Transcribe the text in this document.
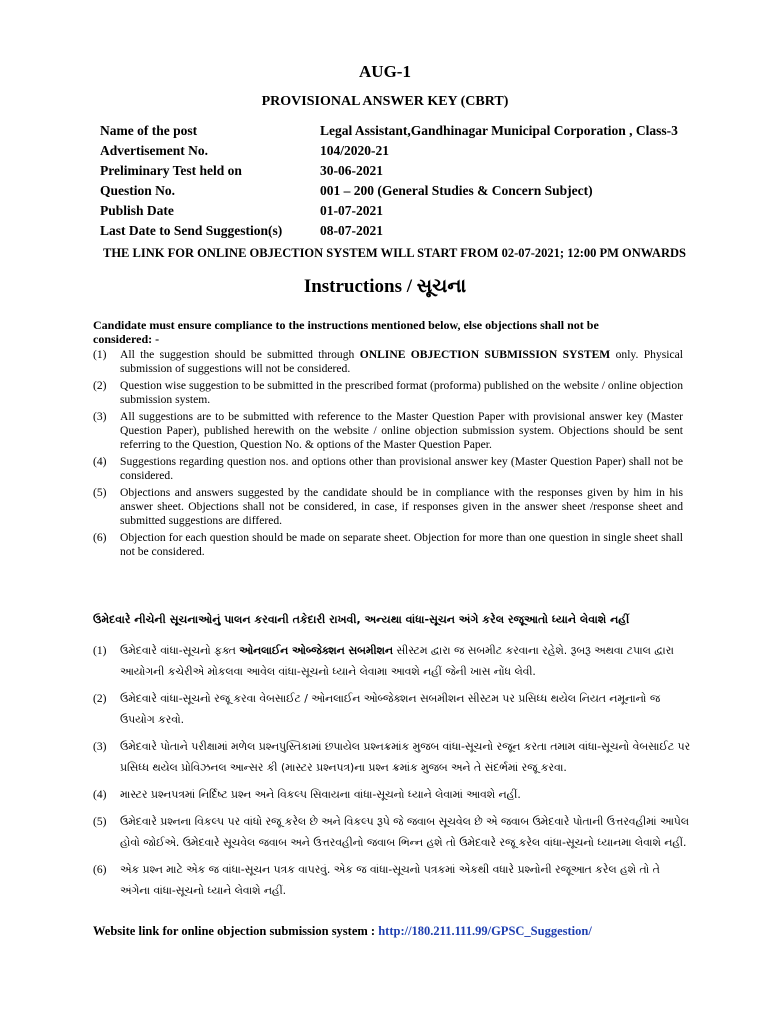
AUG-1
PROVISIONAL ANSWER KEY (CBRT)
Name of the post	Legal Assistant,Gandhinagar Municipal Corporation , Class-3
Advertisement No.	104/2020-21
Preliminary Test held on	30-06-2021
Question No.	001 – 200 (General Studies & Concern Subject)
Publish Date	01-07-2021
Last Date to Send Suggestion(s)	08-07-2021
THE LINK FOR ONLINE OBJECTION SYSTEM WILL START FROM 02-07-2021; 12:00 PM ONWARDS
Instructions / સૂચના
Candidate must ensure compliance to the instructions mentioned below, else objections shall not be considered: -
(1) All the suggestion should be submitted through ONLINE OBJECTION SUBMISSION SYSTEM only. Physical submission of suggestions will not be considered.
(2) Question wise suggestion to be submitted in the prescribed format (proforma) published on the website / online objection submission system.
(3) All suggestions are to be submitted with reference to the Master Question Paper with provisional answer key (Master Question Paper), published herewith on the website / online objection submission system. Objections should be sent referring to the Question, Question No. & options of the Master Question Paper.
(4) Suggestions regarding question nos. and options other than provisional answer key (Master Question Paper) shall not be considered.
(5) Objections and answers suggested by the candidate should be in compliance with the responses given by him in his answer sheet. Objections shall not be considered, in case, if responses given in the answer sheet /response sheet and submitted suggestions are differed.
(6) Objection for each question should be made on separate sheet. Objection for more than one question in single sheet shall not be considered.
ઉમેદવારે નીચેની સૂચનાઓનું પાલન કરવાની તકેદારી રાખવી, અન્યથા વાંધા-સૂચન અંગે કરેલ રજૂઆતો ધ્યાને લેવાશે નહીં
(1) ઉમેદવારે વાંધા-સૂચનો ફક્ત ઓનલાઈન ઓબ્જેક્શન સબમીશન સીસ્ટમ દ્વારા જ સબમીટ કરવાના રહેશે. રૂબરૂ અથવા ટપાલ દ્વારા આયોગની કચેરીએ મોકલવા આવેલ વાંધા-સૂચનો ધ્યાને લેવામા આવશે નહીં જેની ખાસ નોંધ લેવી.
(2) ઉમેદવારે વાંધા-સૂચનો રજૂ કરવા વેબસાઈટ / ઓનલાઈન ઓબ્જેક્શન સબમીશન સીસ્ટમ પર પ્રસિધ્ધ થયેલ નિયત નમૂનાનો જ ઉપયોગ કરવો.
(3) ઉમેદવારે પોતાને પરીક્ષામાં મળેલ પ્રશ્નપુસ્તિકામાં છપાયેલ પ્રશ્નક્રમાંક મુજબ વાંધા-સૂચનો રજૂન કરતા તમામ વાંધા-સૂચનો વેબસાઈટ પર પ્રસિધ્ધ થયેલ પ્રોવિઝનલ આન્સર કી (માસ્ટર પ્રશ્નપત્ર)ના પ્રશ્ન ક્રમાંક મુજબ અને તે સંદર્ભમાં રજૂ કરવા.
(4) માસ્ટર પ્રશ્નપત્રમાં નિર્દિષ્ટ પ્રશ્ન અને વિકલ્પ સિવાયના વાંધા-સૂચનો ધ્યાને લેવામાં આવશે નહીં.
(5) ઉમેદવારે પ્રશ્નના વિકલ્પ પર વાંધો રજૂ કરેલ છે અને વિકલ્પ રૂપે જે જવાબ સૂચવેલ છે એ જવાબ ઉમેદવારે પોતાની ઉત્તરવહીમાં આપેલ હોવો જોઈએ. ઉમેદવારે સૂચવેલ જવાબ અને ઉત્તરવહીનો જવાબ ભિન્ન હશે તો ઉમેદવારે રજૂ કરેલ વાંધા-સૂચનો ધ્યાનમા લેવાશે નહીં.
(6) એક પ્રશ્ન માટે એક જ વાંધા-સૂચન પત્રક વાપરવું. એક જ વાંધા-સૂચનો પત્રકમાં એકથી વધારે પ્રશ્નોની રજૂઆત કરેલ હશે તો તે અંગેના વાંધા-સૂચનો ધ્યાને લેવાશે નહીં.
Website link for online objection submission system : http://180.211.111.99/GPSC_Suggestion/
